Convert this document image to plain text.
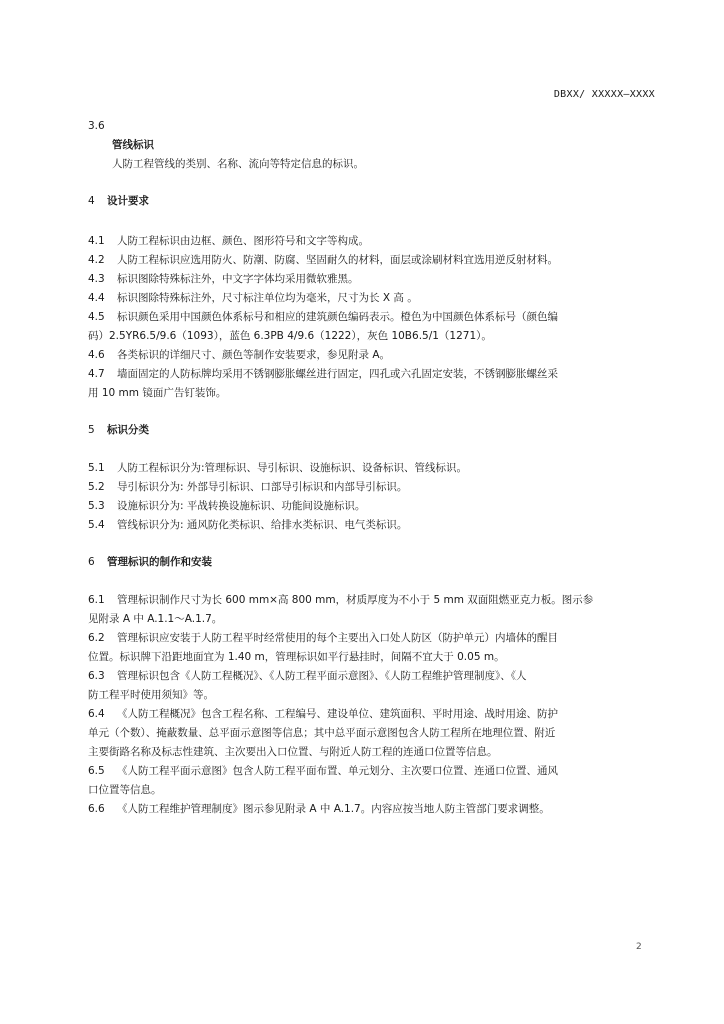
DBXX/ XXXXX—XXXX
3.6
管线标识
人防工程管线的类别、名称、流向等特定信息的标识。
4	设计要求
4.1	人防工程标识由边框、颜色、图形符号和文字等构成。
4.2	人防工程标识应选用防火、防潮、防腐、坚固耐久的材料，面层或涂刷材料宜选用逆反射材料。
4.3	标识图除特殊标注外，中文字字体均采用微软雅黑。
4.4	标识图除特殊标注外，尺寸标注单位均为毫米，尺寸为长 X 高 。
4.5	标识颜色采用中国颜色体系标号和相应的建筑颜色编码表示。橙色为中国颜色体系标号（颜色编
码）2.5YR6.5/9.6（1093），蓝色 6.3PB 4/9.6（1222），灰色 10B6.5/1（1271）。
4.6	各类标识的详细尺寸、颜色等制作安装要求，参见附录 A。
4.7	墙面固定的人防标牌均采用不锈钢膨胀螺丝进行固定，四孔或六孔固定安装，不锈钢膨胀螺丝采
用 10 mm 镜面广告钉装饰。
5	标识分类
5.1	人防工程标识分为:管理标识、导引标识、设施标识、设备标识、管线标识。
5.2	导引标识分为: 外部导引标识、口部导引标识和内部导引标识。
5.3	设施标识分为: 平战转换设施标识、功能间设施标识。
5.4	管线标识分为: 通风防化类标识、给排水类标识、电气类标识。
6	管理标识的制作和安装
6.1	管理标识制作尺寸为长 600 mm×高 800 mm，材质厚度为不小于 5 mm 双面阻燃亚克力板。图示参
见附录 A 中 A.1.1～A.1.7。
6.2	管理标识应安装于人防工程平时经常使用的每个主要出入口处人防区（防护单元）内墙体的醒目
位置。标识牌下沿距地面宜为 1.40 m，管理标识如平行悬挂时，间隔不宜大于 0.05 m。
6.3	管理标识包含《人防工程概况》、《人防工程平面示意图》、《人防工程维护管理制度》、《人
防工程平时使用须知》等。
6.4	《人防工程概况》包含工程名称、工程编号、建设单位、建筑面积、平时用途、战时用途、防护
单元（个数）、掩蔽数量、总平面示意图等信息；其中总平面示意图包含人防工程所在地理位置、附近
主要街路名称及标志性建筑、主次要出入口位置、与附近人防工程的连通口位置等信息。
6.5	《人防工程平面示意图》包含人防工程平面布置、单元划分、主次要口位置、连通口位置、通风
口位置等信息。
6.6	《人防工程维护管理制度》图示参见附录 A 中 A.1.7。内容应按当地人防主管部门要求调整。
2
